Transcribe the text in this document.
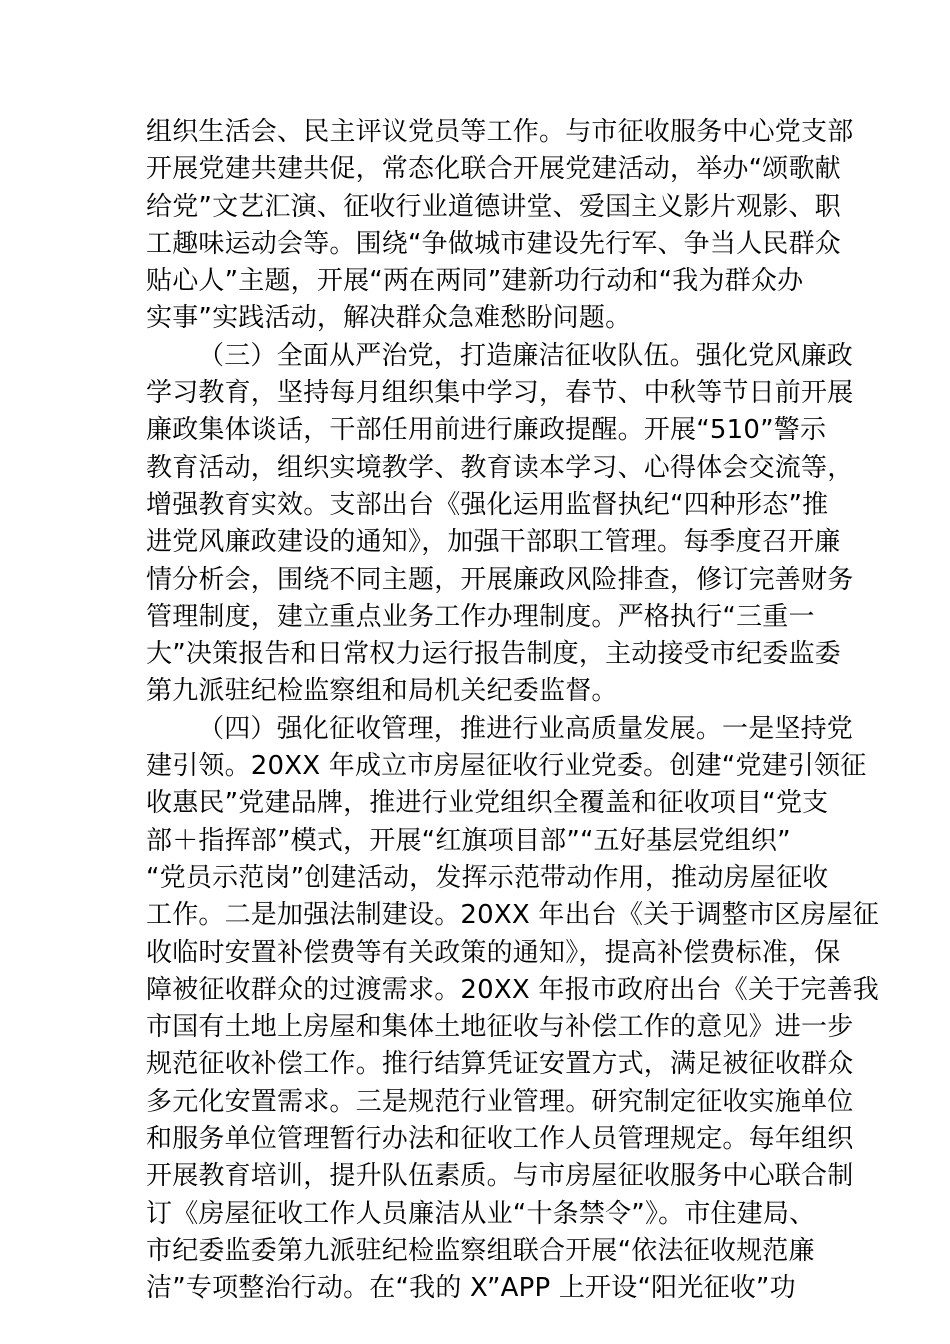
组织生活会、民主评议党员等工作。与市征收服务中心党支部
开展党建共建共促，常态化联合开展党建活动，举办“颂歌献
给党”文艺汇演、征收行业道德讲堂、爱国主义影片观影、职
工趣味运动会等。围绕“争做城市建设先行军、争当人民群众
贴心人”主题，开展“两在两同”建新功行动和“我为群众办
实事”实践活动，解决群众急难愁盼问题。
（三）全面从严治党，打造廉洁征收队伍。强化党风廉政
学习教育，坚持每月组织集中学习，春节、中秋等节日前开展
廉政集体谈话，干部任用前进行廉政提醒。开展“510”警示
教育活动，组织实境教学、教育读本学习、心得体会交流等，
增强教育实效。支部出台《强化运用监督执纪“四种形态”推
进党风廉政建设的通知》，加强干部职工管理。每季度召开廉
情分析会，围绕不同主题，开展廉政风险排查，修订完善财务
管理制度，建立重点业务工作办理制度。严格执行“三重一
大”决策报告和日常权力运行报告制度，主动接受市纪委监委
第九派驻纪检监察组和局机关纪委监督。
（四）强化征收管理，推进行业高质量发展。一是坚持党
建引领。20XX 年成立市房屋征收行业党委。创建“党建引领征
收惠民”党建品牌，推进行业党组织全覆盖和征收项目“党支
部＋指挥部”模式，开展“红旗项目部”“五好基层党组织”
“党员示范岗”创建活动，发挥示范带动作用，推动房屋征收
工作。二是加强法制建设。20XX 年出台《关于调整市区房屋征
收临时安置补偿费等有关政策的通知》，提高补偿费标准，保
障被征收群众的过渡需求。20XX 年报市政府出台《关于完善我
市国有土地上房屋和集体土地征收与补偿工作的意见》进一步
规范征收补偿工作。推行结算凭证安置方式，满足被征收群众
多元化安置需求。三是规范行业管理。研究制定征收实施单位
和服务单位管理暂行办法和征收工作人员管理规定。每年组织
开展教育培训，提升队伍素质。与市房屋征收服务中心联合制
订《房屋征收工作人员廉洁从业“十条禁令”》。市住建局、
市纪委监委第九派驻纪检监察组联合开展“依法征收规范廉
洁”专项整治行动。在“我的 X”APP 上开设“阳光征收”功
